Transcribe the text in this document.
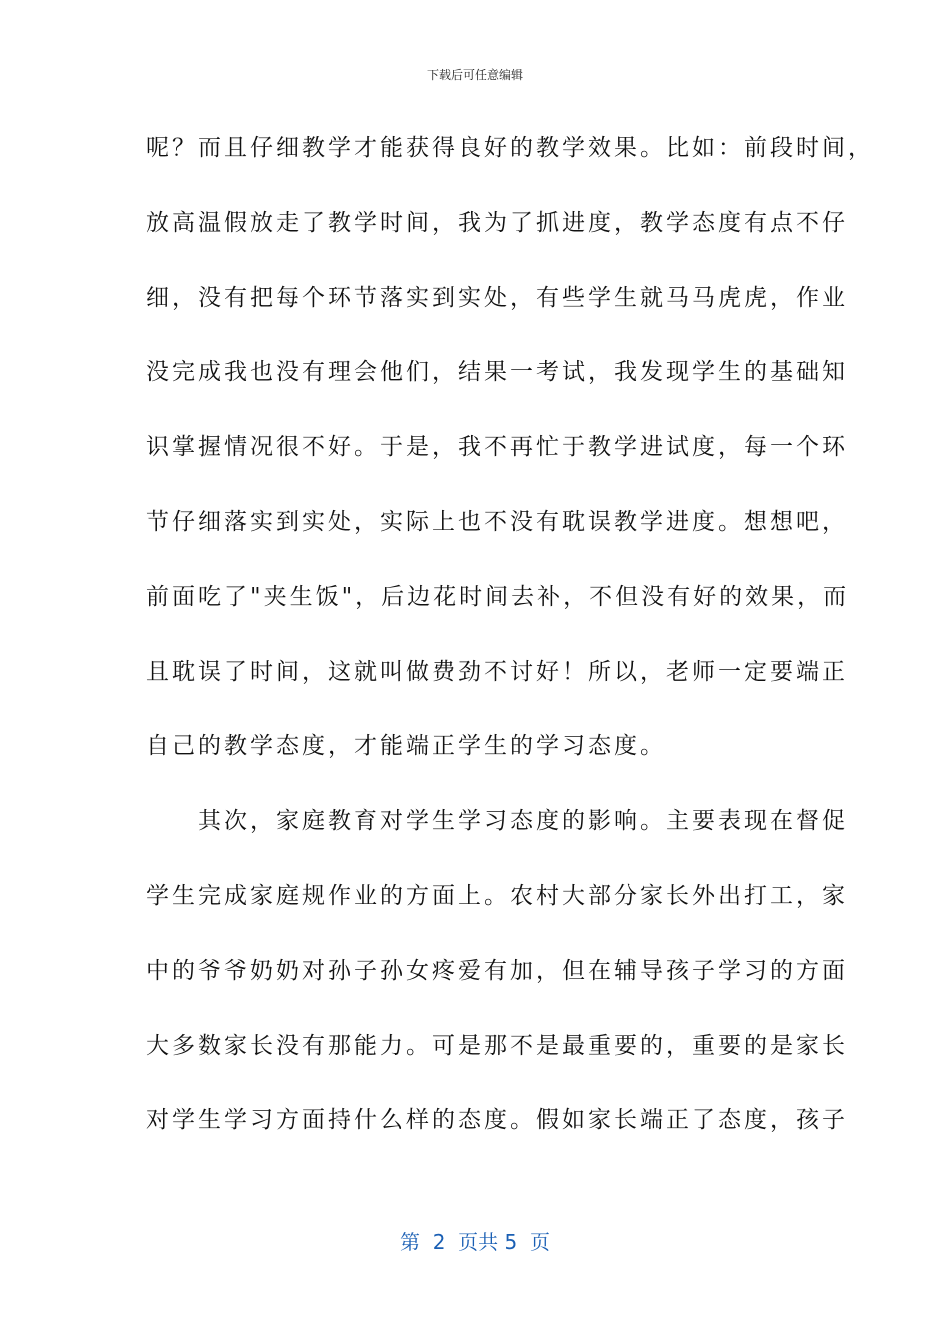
下载后可任意编辑
呢？而且仔细教学才能获得良好的教学效果。比如：前段时间，
放高温假放走了教学时间，我为了抓进度，教学态度有点不仔
细，没有把每个环节落实到实处，有些学生就马马虎虎，作业
没完成我也没有理会他们，结果一考试，我发现学生的基础知
识掌握情况很不好。于是，我不再忙于教学进试度，每一个环
节仔细落实到实处，实际上也不没有耽误教学进度。想想吧，
前面吃了"夹生饭"，后边花时间去补，不但没有好的效果，而
且耽误了时间，这就叫做费劲不讨好！所以，老师一定要端正
自己的教学态度，才能端正学生的学习态度。
　　其次，家庭教育对学生学习态度的影响。主要表现在督促
学生完成家庭规作业的方面上。农村大部分家长外出打工，家
中的爷爷奶奶对孙子孙女疼爱有加，但在辅导孩子学习的方面
大多数家长没有那能力。可是那不是最重要的，重要的是家长
对学生学习方面持什么样的态度。假如家长端正了态度，孩子
第  2  页共 5  页
